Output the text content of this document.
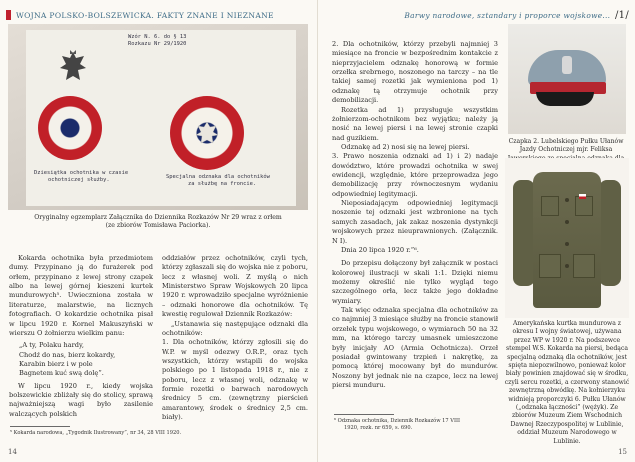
WOJNA POLSKO-BOLSZEWICKA. FAKTY ZNANE I NIEZNANE
Wzór N. 6. do § 13
Rozkazu Nr 29/1920
Dziesiątka ochotnika w czasie
ochotniczej służby.
Specjalna odznaka dla ochotników
za służbę na froncie.
Oryginalny egzemplarz Załącznika do Dziennika Rozkazów Nr 29 wraz z orłem
(ze zbiorów Tomisława Paciorka).

Kokarda ochotnika była przedmiotem dumy. Przypinano ją do furażerek pod orłem, przypinano z lewej strony czapek albo na lewej górnej kieszeni kurtek mundurowych⁵. Uwiecznionа została w literaturze, malarstwie, na licznych fotografiach. O kokardzie ochotnika pisał w lipcu 1920 r. Kornel Makuszyński w wierszu O żołnierzu wielkim panu:

„A ty, Polaku hardy,

Chodź do nas, bierz kokardy,

Karabin bierz i w pole

Bagnetem kuć swą dolę”.

W lipcu 1920 r., kiedy wojska bolszewickie zbliżały się do stolicy, sprawą najważniejszą wagi było zasilenie walczących polskich

oddziałów przez ochotników, czyli tych, którzy zgłaszali się do wojska nie z poboru, lecz z własnej woli. Z myślą o nich Ministerstwo Spraw Wojskowych 20 lipca 1920 r. wprowadziło specjalne wyróżnienie – odznaki honorowe dla ochotników. Tę kwestię regulował Dziennik Rozkazów:

„Ustanawia się następujące odznaki dla ochotników:

1. Dla ochotników, którzy zgłosili się do W.P. w myśl odezwy O.R.P., oraz tych wszystkich, którzy wstąpili do wojska polskiego po 1 listopada 1918 r., nie z poboru, lecz z własnej woli, odznakę w formie rozetki o barwach narodowych średnicy 5 cm. (zewnętrzny pierścień amarantowy, środek o średnicy 2,5 cm. biały).

⁵ Kokarda narodowa, „Tygodnik Ilustrowany”, nr 34, 28 VIII 1920.
14
Barwy narodowe, sztandary i proporce wojskowe... /1/

2. Dla ochotników, którzy przebyli najmniej 3 miesiące na froncie w bezpośrednim kontakcie z nieprzyjacielem odznakę honorową w formie orzełka srebrnego, noszonego na tarczy – na tle takiej samej rozetki jak wymieniona pod 1) odznakę tą otrzymuje ochotnik przy demobilizacji.

Rozetka ad 1) przysługuje wszystkim żołnierzom-ochotnikom bez wyjątku; należy ją nosić na lewej piersi i na lewej stronie czapki nad guzikiem.

Odznakę ad 2) nosi się na lewej piersi.

3. Prawo noszenia odznaki ad 1) i 2) nadaje dowództwo, które prowadzi ochotnika w swej ewidencji, względnie, które przeprowadza jego demobilizację przy równoczesnym wydaniu odpowiedniej legitymacji.

Nieposiadającym odpowiedniej legitymacji noszenie tej odznaki jest wzbronione na tych samych zasadach, jak zakaz noszenia dystynkcji wojskowych przez nieuprawnionych. (Załącznik. N I).

Dnia 20 lipca 1920 r.”⁶.

Do przepisu dołączony był załącznik w postaci kolorowej ilustracji w skali 1:1. Dzięki niemu możemy określić nie tylko wygląd tego szczególnego orła, lecz także jego dokładne wymiary.

Tak więc odznaka specjalna dla ochotników za co najmniej 3 miesiące służby na froncie stanowił orzełek typu wojskowego, o wymiarach 50 na 32 mm, na którego tarczy umasnek umieszczone były inicjały AO (Armia Ochotnicza). Orzeł posiadał gwintowany trzpień i nakrętkę, za pomocą której mocowany był do mundurów. Noszony był jednak nie na czapce, lecz na lewej piersi munduru.

⁶ Odznaka ochotnika, Dziennik Rozkazów 17 VIII
1920, rozk. nr 659, s. 690.
Czapka 2. Lubelskiego Pułku Ułanów Jazdy Ochotniczej mjr. Feliksa
Amerykańska kurtka mundurowa z okresu I wojny światowej, używana przez WP w 1920 r. Na podszewce stempel W.S. Kokarda na piersi, bedąca specjalną odznaką dla ochotników, jest spięta niepozwilnowo, ponieważ kolor biały powinien znajdować się w środku, czyli sercu rozetki, a czerwony stanowić zewnętrzną obwódkę. Na kołnierzyku widnieją proporczyki 6. Pułku Ułanów („odznaka łączności” (wężyk). Ze zbiorów Muzeum Ziem Wschodnich Dawnej Rzeczypospolitej w Lublinie, oddział Muzeum Narodowego w Lublinie.
15
